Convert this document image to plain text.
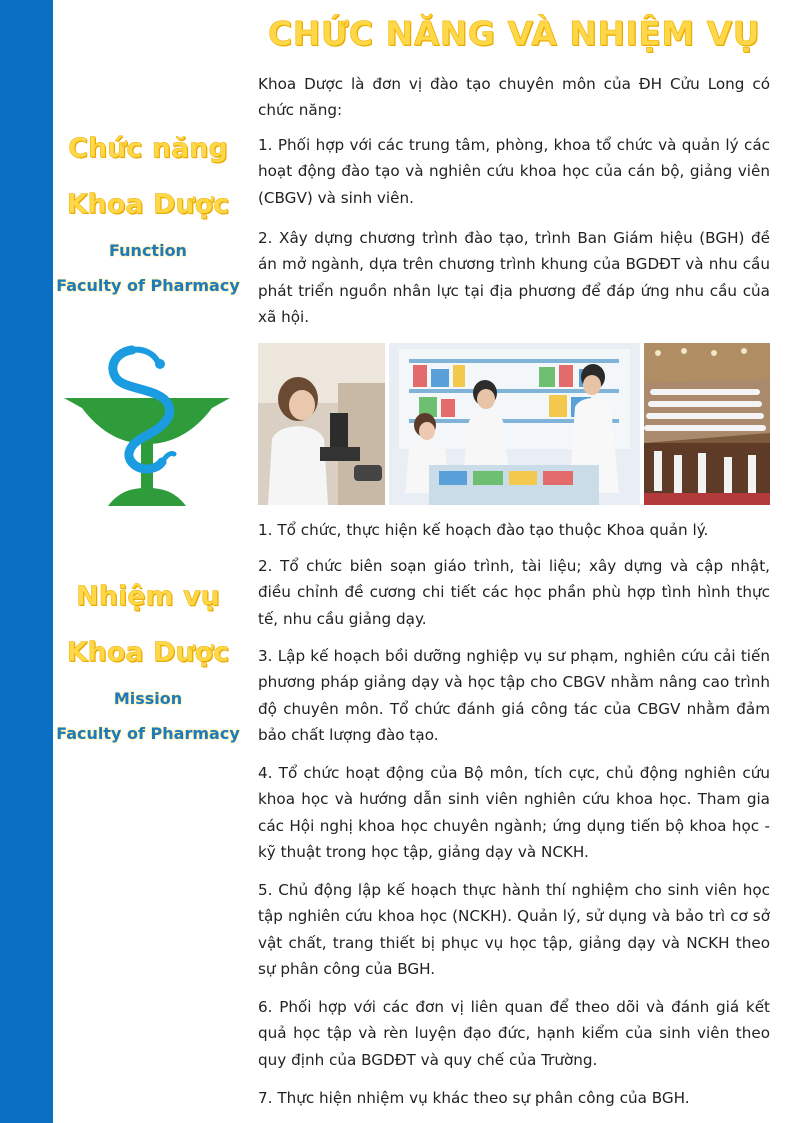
CHỨC NĂNG VÀ NHIỆM VỤ
Chức năng
Khoa Dược
Function
Faculty of Pharmacy
Nhiệm vụ
Khoa Dược
Mission
Faculty of Pharmacy

Khoa Dược là đơn vị đào tạo chuyên môn của ĐH Cửu Long có chức năng:

1. Phối hợp với các trung tâm, phòng, khoa tổ chức và quản lý các hoạt động đào tạo và nghiên cứu khoa học của cán bộ, giảng viên (CBGV) và sinh viên.

2. Xây dựng chương trình đào tạo, trình Ban Giám hiệu (BGH) đề án mở ngành, dựa trên chương trình khung của BGDĐT và nhu cầu phát triển nguồn nhân lực tại địa phương để đáp ứng nhu cầu của xã hội.

1. Tổ chức, thực hiện kế hoạch đào tạo thuộc Khoa quản lý.

2. Tổ chức biên soạn giáo trình, tài liệu; xây dựng và cập nhật, điều chỉnh đề cương chi tiết các học phần phù hợp tình hình thực tế, nhu cầu giảng dạy.

3. Lập kế hoạch bồi dưỡng nghiệp vụ sư phạm, nghiên cứu cải tiến phương pháp giảng dạy và học tập cho CBGV nhằm nâng cao trình độ chuyên môn. Tổ chức đánh giá công tác của CBGV nhằm đảm bảo chất lượng đào tạo.

4. Tổ chức hoạt động của Bộ môn, tích cực, chủ động nghiên cứu khoa học và hướng dẫn sinh viên nghiên cứu khoa học. Tham gia các Hội nghị khoa học chuyên ngành; ứng dụng tiến bộ khoa học - kỹ thuật trong học tập, giảng dạy và NCKH.

5. Chủ động lập kế hoạch thực hành thí nghiệm cho sinh viên học tập nghiên cứu khoa học (NCKH). Quản lý, sử dụng và bảo trì cơ sở vật chất, trang thiết bị phục vụ học tập, giảng dạy và NCKH theo sự phân công của BGH.

6. Phối hợp với các đơn vị liên quan để theo dõi và đánh giá kết quả học tập và rèn luyện đạo đức, hạnh kiểm của sinh viên theo quy định của BGDĐT và quy chế của Trường.

7. Thực hiện nhiệm vụ khác theo sự phân công của BGH.
